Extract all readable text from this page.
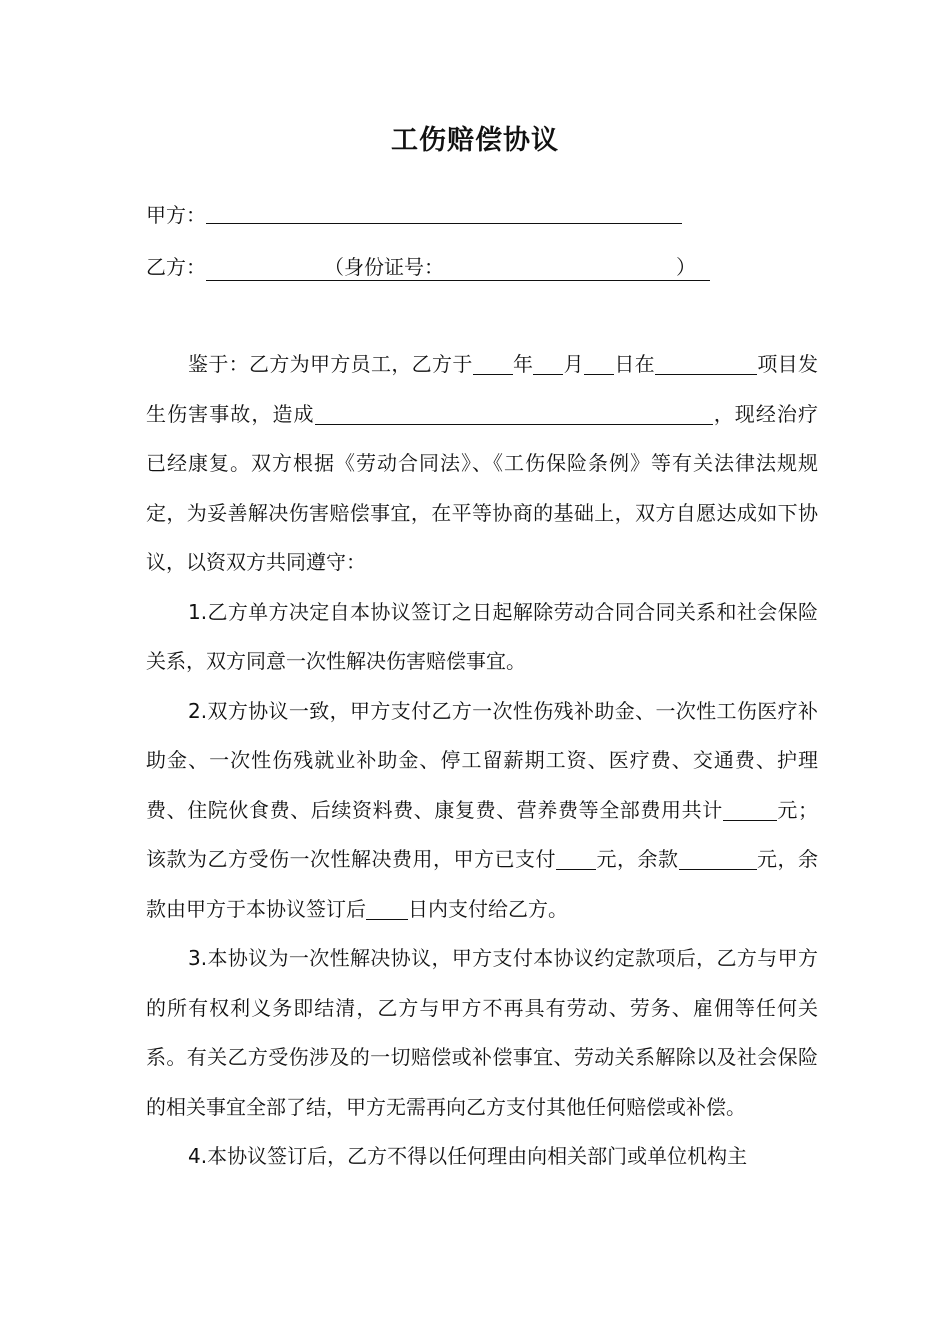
工伤赔偿协议
甲方：
乙方：	（身份证号：	）

鉴于：乙方为甲方员工，乙方于 年 月 日在	项目发生伤害事故，造成	，现经治疗已经康复。双方根据《劳动合同法》、《工伤保险条例》等有关法律法规规定，为妥善解决伤害赔偿事宜，在平等协商的基础上，双方自愿达成如下协议，以资双方共同遵守：

1.乙方单方决定自本协议签订之日起解除劳动合同合同关系和社会保险关系，双方同意一次性解决伤害赔偿事宜。

2.双方协议一致，甲方支付乙方一次性伤残补助金、一次性工伤医疗补助金、一次性伤残就业补助金、停工留薪期工资、医疗费、交通费、护理费、住院伙食费、后续资料费、康复费、营养费等全部费用共计	元；该款为乙方受伤一次性解决费用，甲方已支付 元，余款	元，余款由甲方于本协议签订后 日内支付给乙方。

3.本协议为一次性解决协议，甲方支付本协议约定款项后，乙方与甲方的所有权利义务即结清，乙方与甲方不再具有劳动、劳务、雇佣等任何关系。有关乙方受伤涉及的一切赔偿或补偿事宜、劳动关系解除以及社会保险的相关事宜全部了结，甲方无需再向乙方支付其他任何赔偿或补偿。

4.本协议签订后，乙方不得以任何理由向相关部门或单位机构主
